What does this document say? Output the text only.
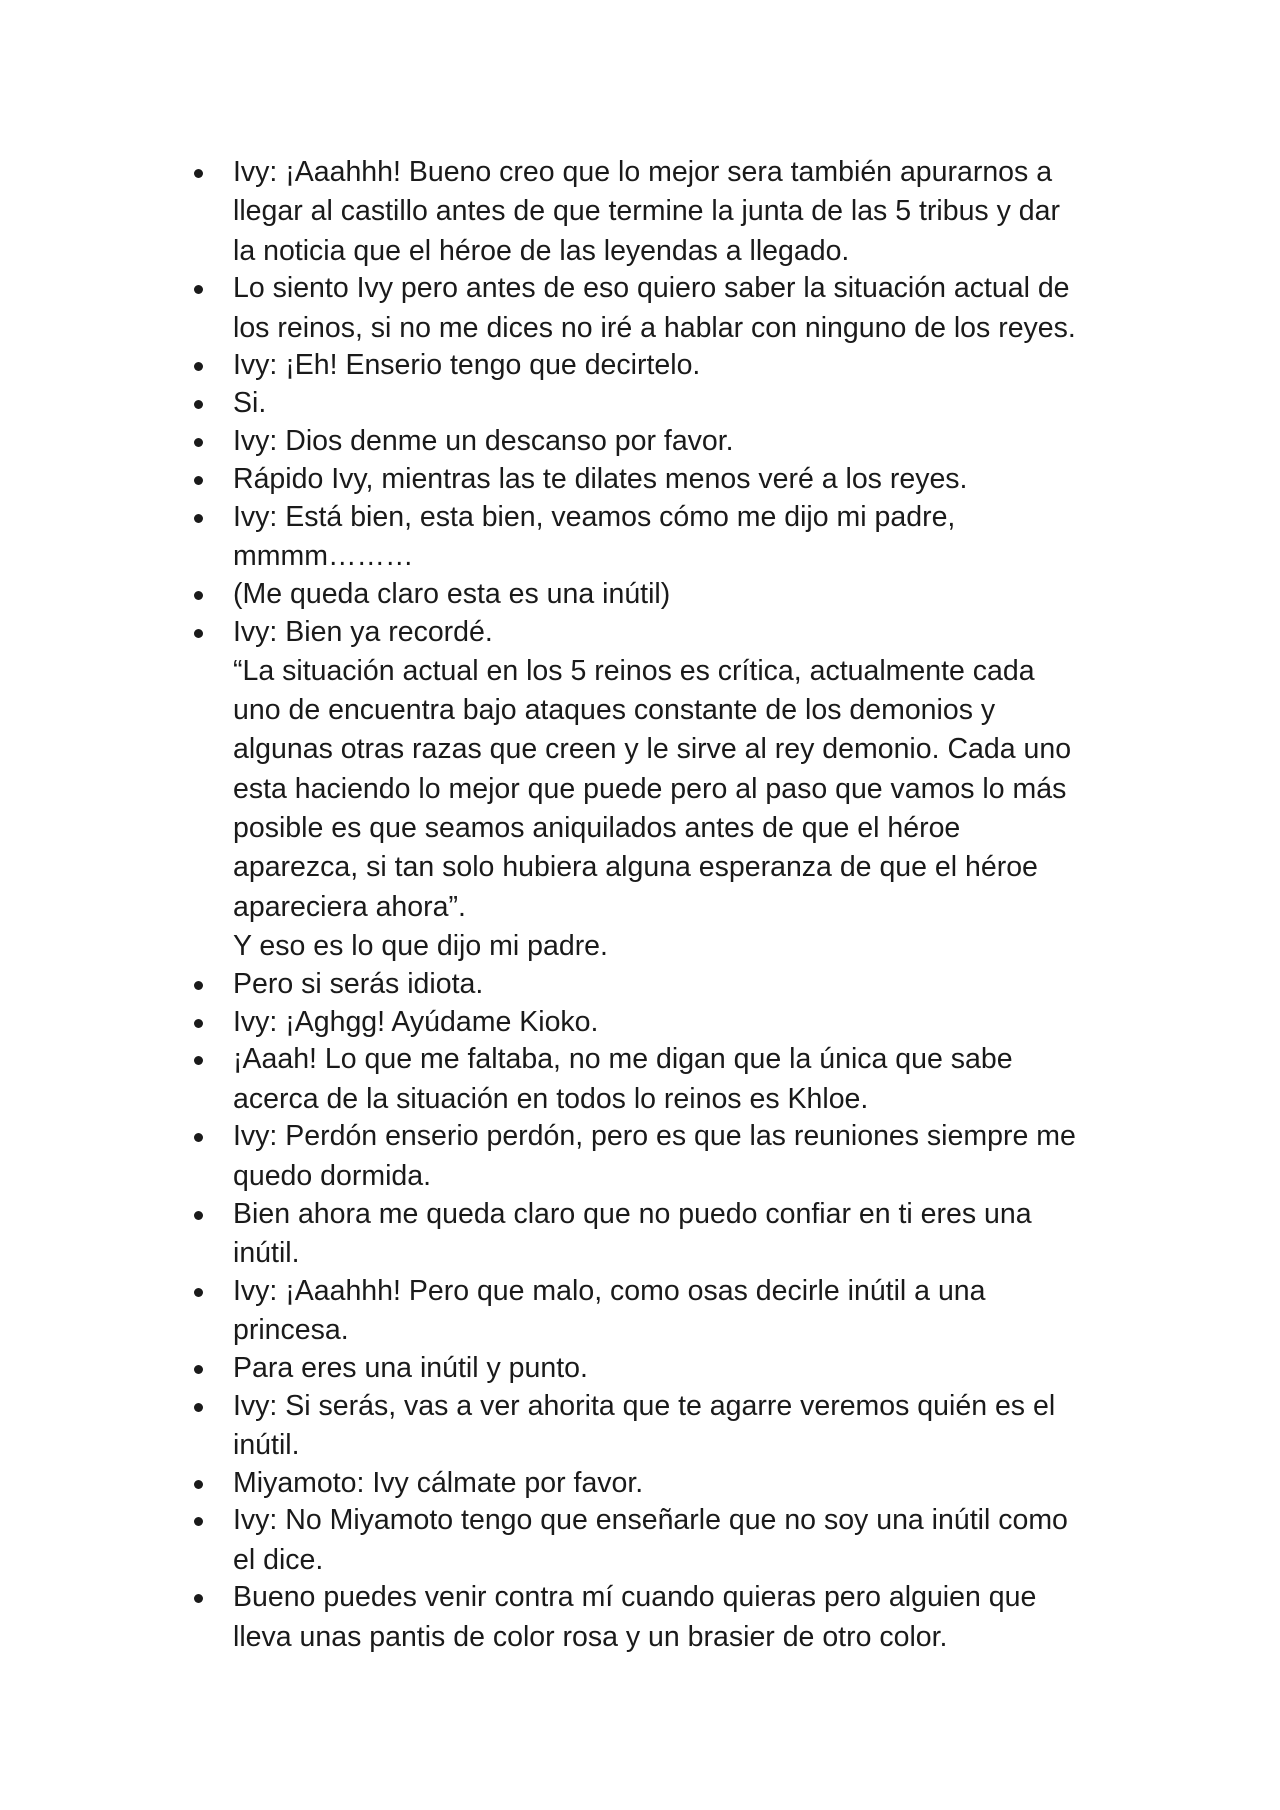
Ivy: ¡Aaahhh! Bueno creo que lo mejor sera también apurarnos a
llegar al castillo antes de que termine la junta de las 5 tribus y dar
la noticia que el héroe de las leyendas a llegado.
Lo siento Ivy pero antes de eso quiero saber la situación actual de
los reinos, si no me dices no iré a hablar con ninguno de los reyes.
Ivy: ¡Eh! Enserio tengo que decirtelo.
Si.
Ivy: Dios denme un descanso por favor.
Rápido Ivy, mientras las te dilates menos veré a los reyes.
Ivy: Está bien, esta bien, veamos cómo me dijo mi padre,
mmmm………
(Me queda claro esta es una inútil)
Ivy: Bien ya recordé.
“La situación actual en los 5 reinos es crítica, actualmente cada
uno de encuentra bajo ataques constante de los demonios y
algunas otras razas que creen y le sirve al rey demonio. Cada uno
esta haciendo lo mejor que puede pero al paso que vamos lo más
posible es que seamos aniquilados antes de que el héroe
aparezca, si tan solo hubiera alguna esperanza de que el héroe
apareciera ahora”.
Y eso es lo que dijo mi padre.
Pero si serás idiota.
Ivy: ¡Aghgg! Ayúdame Kioko.
¡Aaah! Lo que me faltaba, no me digan que la única que sabe
acerca de la situación en todos lo reinos es Khloe.
Ivy: Perdón enserio perdón, pero es que las reuniones siempre me
quedo dormida.
Bien ahora me queda claro que no puedo confiar en ti eres una
inútil.
Ivy: ¡Aaahhh! Pero que malo, como osas decirle inútil a una
princesa.
Para eres una inútil y punto.
Ivy: Si serás, vas a ver ahorita que te agarre veremos quién es el
inútil.
Miyamoto: Ivy cálmate por favor.
Ivy: No Miyamoto tengo que enseñarle que no soy una inútil como
el dice.
Bueno puedes venir contra mí cuando quieras pero alguien que
lleva unas pantis de color rosa y un brasier de otro color.
